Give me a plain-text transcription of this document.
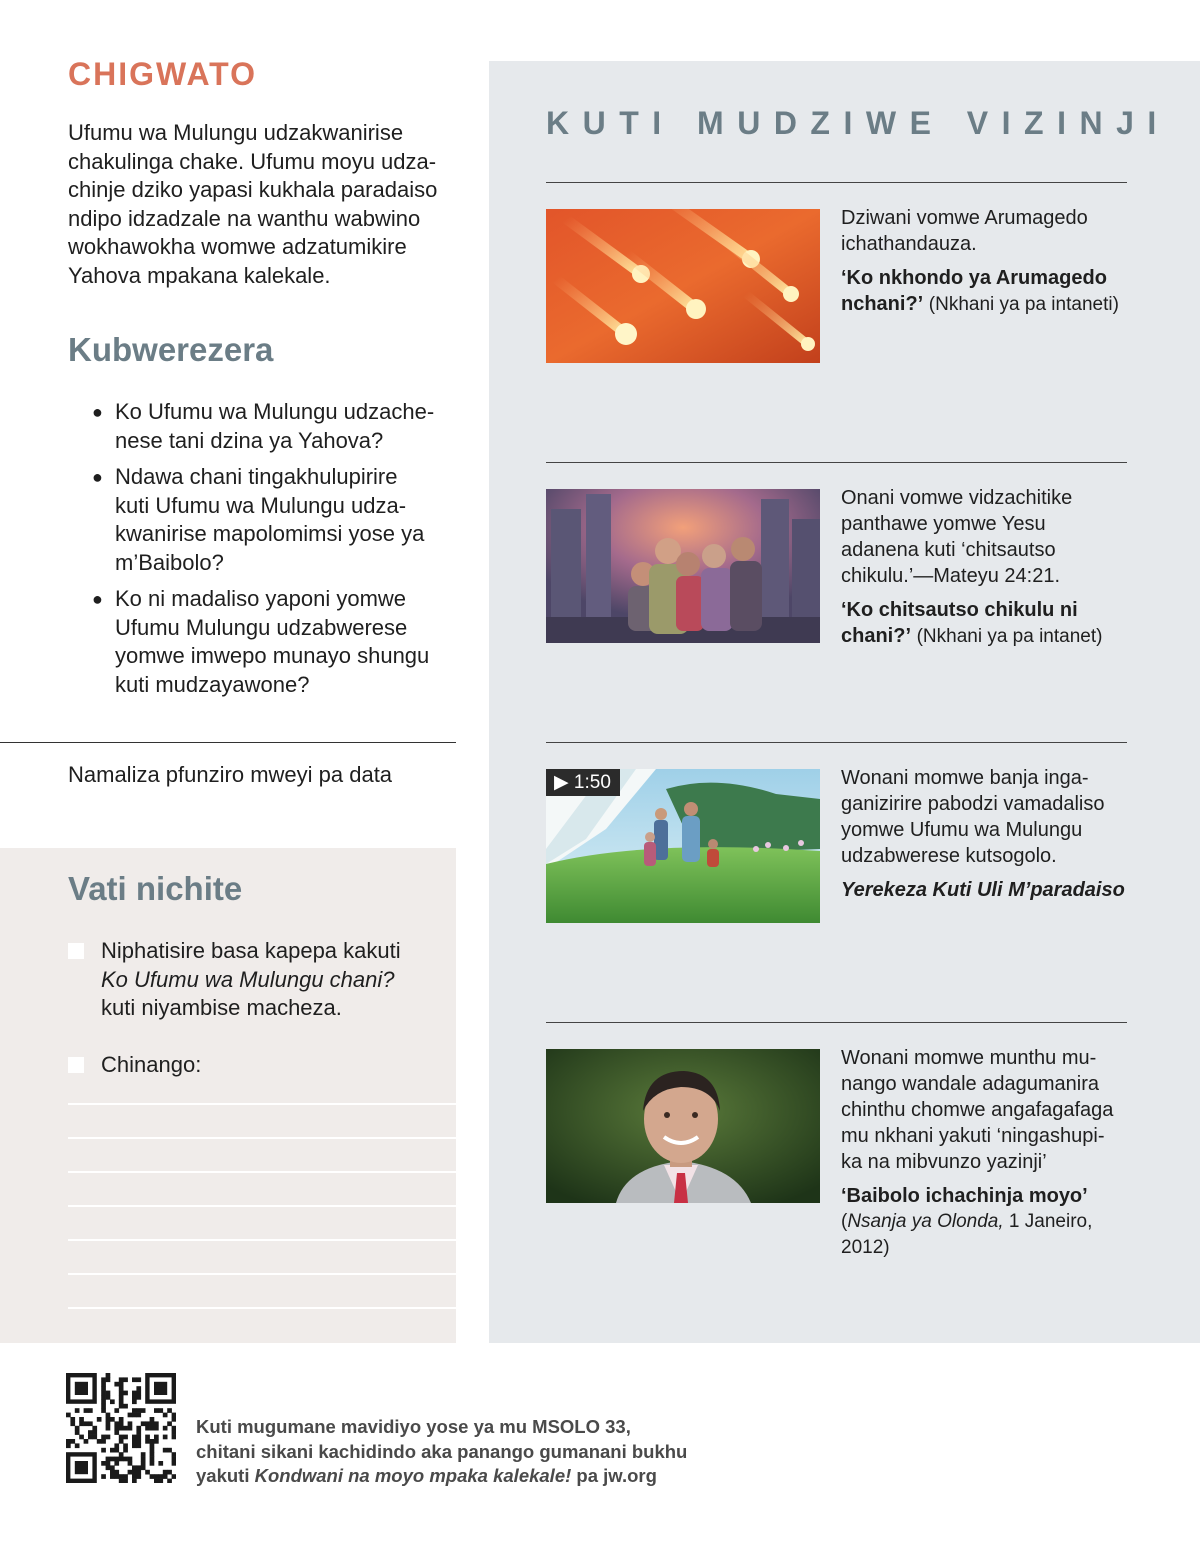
CHIGWATO
Ufumu wa Mulungu udzakwanirise
chakulinga chake. Ufumu moyu udza-
chinje dziko yapasi kukhala paradaiso
ndipo idzadzale na wanthu wabwino
wokhawokha womwe adzatumikire
Yahova mpakana kalekale.
Kubwerezera
● Ko Ufumu wa Mulungu udzache-
nese tani dzina ya Yahova?
● Ndawa chani tingakhulupirire
kuti Ufumu wa Mulungu udza-
kwanirise mapolomimsi yose ya
m’Baibolo?
● Ko ni madaliso yaponi yomwe
Ufumu Mulungu udzabwerese
yomwe imwepo munayo shungu
kuti mudzayawone?
Namaliza pfunziro mweyi pa data
Vati nichite
Niphatisire basa kapepa kakuti
Ko Ufumu wa Mulungu chani?
kuti niyambise macheza.
Chinango:
KUTI MUDZIWE VIZINJI
Dziwani vomwe Arumagedo
ichathandauza.
‘Ko nkhondo ya Arumagedo
nchani?’ (Nkhani ya pa intaneti)
Onani vomwe vidzachitike
panthawe yomwe Yesu
adanena kuti ‘chitsautso
chikulu.’—Mateyu 24:21.
‘Ko chitsautso chikulu ni
chani?’ (Nkhani ya pa intanet)
▶ 1:50	Wonani momwe banja inga-
ganizirire pabodzi vamadaliso
yomwe Ufumu wa Mulungu
udzabwerese kutsogolo.
Yerekeza Kuti Uli M’paradaiso
Wonani momwe munthu mu-
nango wandale adagumanira
chinthu chomwe angafagafaga
mu nkhani yakuti ‘ningashupi-
ka na mibvunzo yazinji’
‘Baibolo ichachinja moyo’
(Nsanja ya Olonda, 1 Janeiro,
2012)
Kuti mugumane mavidiyo yose ya mu MSOLO 33,
chitani sikani kachidindo aka panango gumanani bukhu
yakuti Kondwani na moyo mpaka kalekale! pa jw.org
